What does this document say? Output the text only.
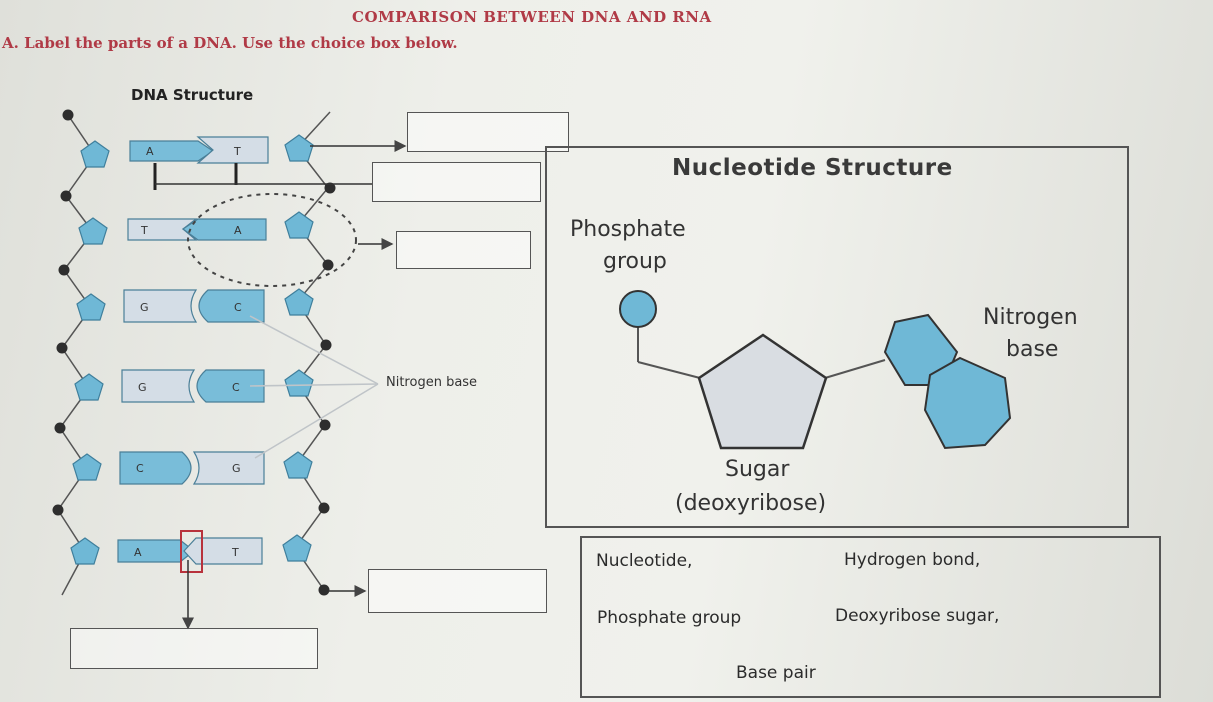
COMPARISON BETWEEN DNA AND RNA
A. Label the parts of a DNA. Use the choice box below.
A	T
T	A
G	C
G	C
C	G
A	T
DNA Structure
Nitrogen base
Nucleotide Structure
Phosphate
group
Nitrogen
base
Sugar
(deoxyribose)
Nucleotide,	Hydrogen bond,
Phosphate group	Deoxyribose sugar,
Base pair
